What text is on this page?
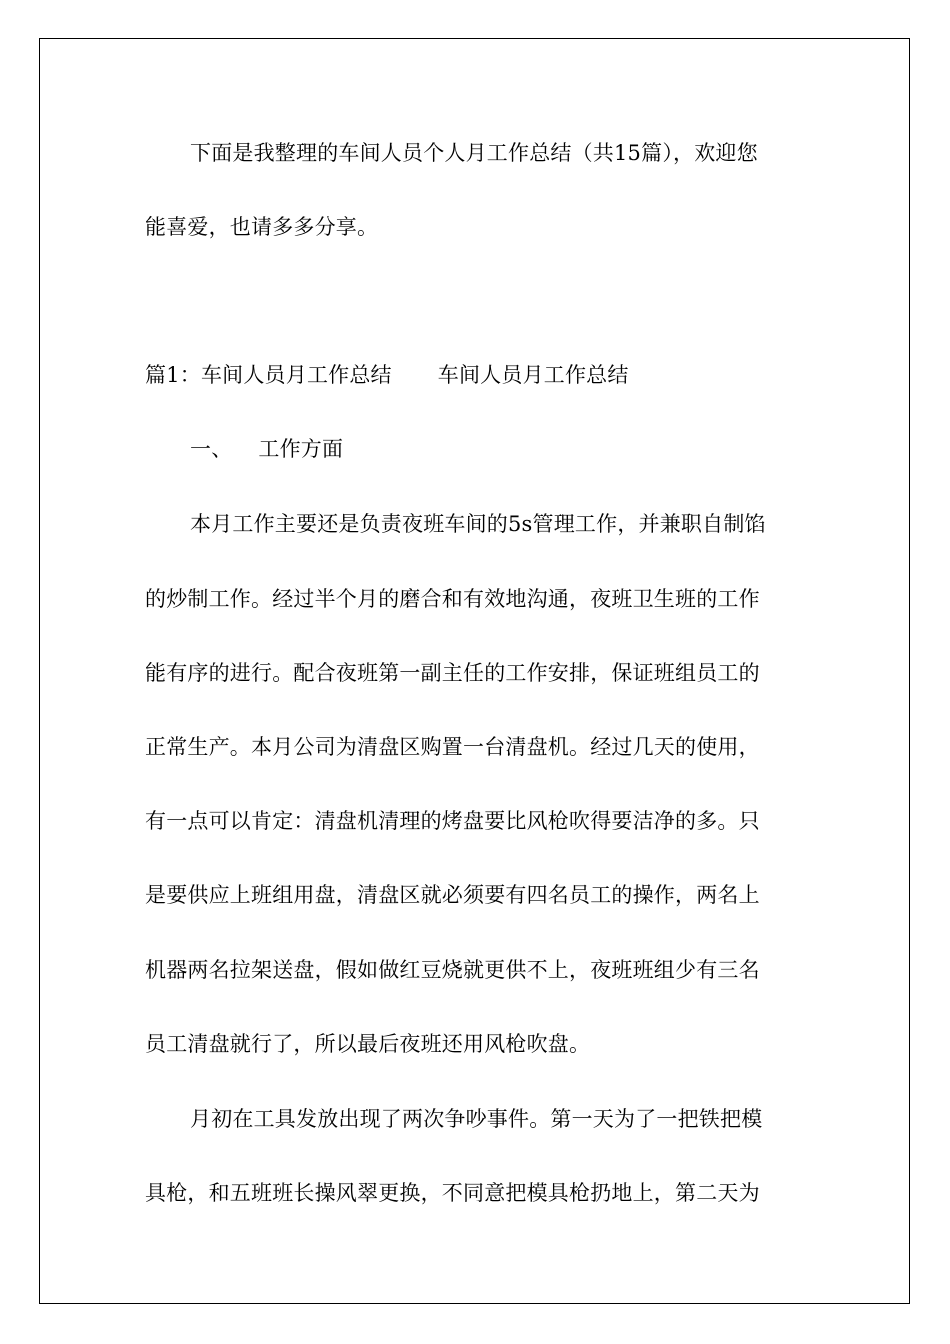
下面是我整理的车间人员个人月工作总结（共15篇），欢迎您
能喜爱，也请多多分享。
篇1：车间人员月工作总结 车间人员月工作总结
一、 工作方面
本月工作主要还是负责夜班车间的5s管理工作，并兼职自制馅
的炒制工作。经过半个月的磨合和有效地沟通，夜班卫生班的工作
能有序的进行。配合夜班第一副主任的工作安排，保证班组员工的
正常生产。本月公司为清盘区购置一台清盘机。经过几天的使用，
有一点可以肯定：清盘机清理的烤盘要比风枪吹得要洁净的多。只
是要供应上班组用盘，清盘区就必须要有四名员工的操作，两名上
机器两名拉架送盘，假如做红豆烧就更供不上，夜班班组少有三名
员工清盘就行了，所以最后夜班还用风枪吹盘。
月初在工具发放出现了两次争吵事件。第一天为了一把铁把模
具枪，和五班班长操风翠更换，不同意把模具枪扔地上，第二天为
